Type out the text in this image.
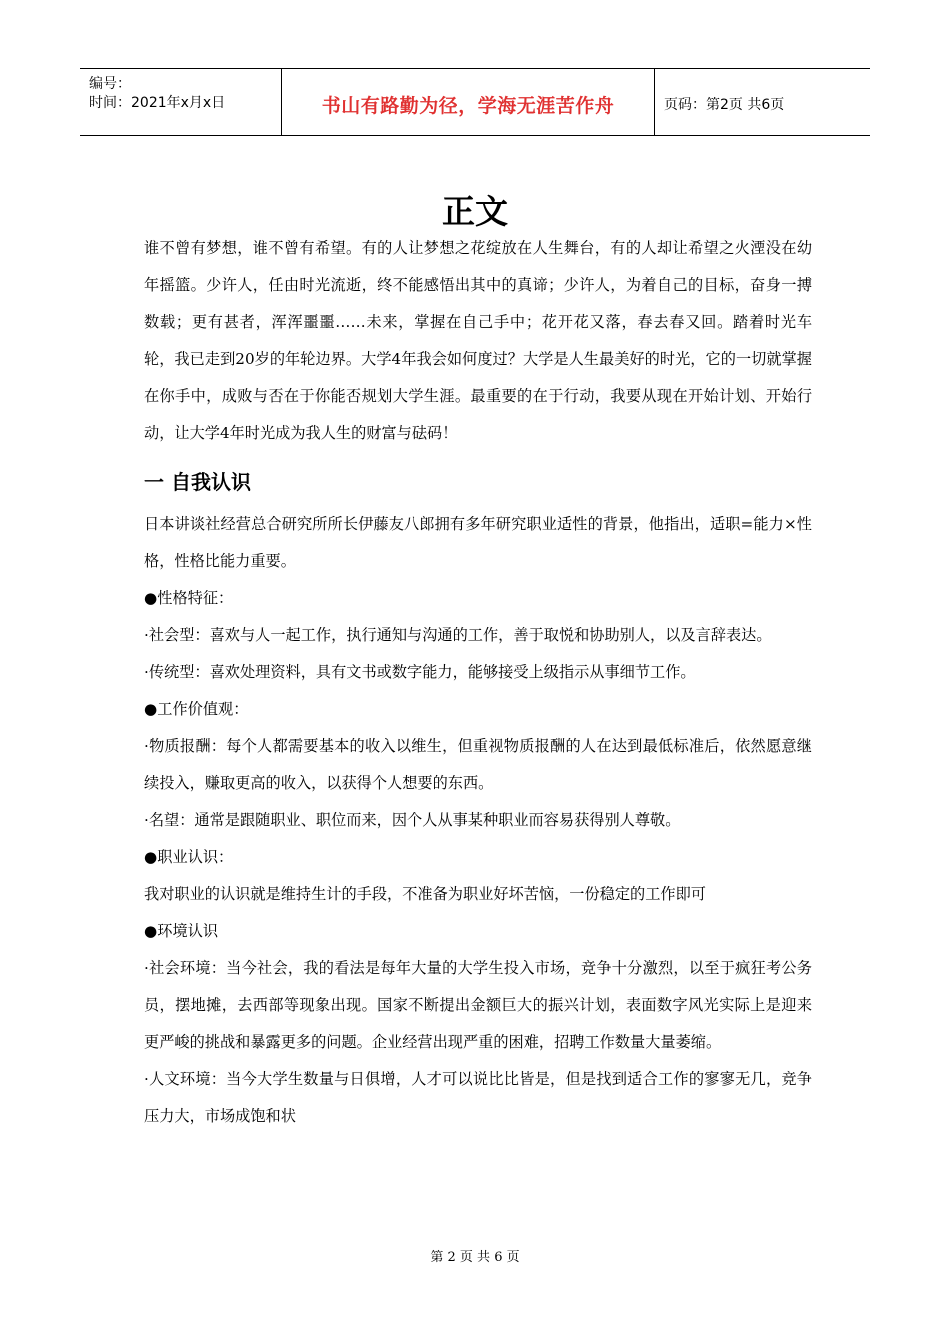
编号：
时间：2021年x月x日	书山有路勤为径，学海无涯苦作舟	页码：第2页 共6页
正文

谁不曾有梦想，谁不曾有希望。有的人让梦想之花绽放在人生舞台，有的人却让希望之火湮没在幼年摇篮。少许人，任由时光流逝，终不能感悟出其中的真谛；少许人，为着自己的目标，奋身一搏数载；更有甚者，浑浑噩噩……未来，掌握在自己手中；花开花又落，春去春又回。踏着时光车轮，我已走到20岁的年轮边界。大学4年我会如何度过？大学是人生最美好的时光，它的一切就掌握在你手中，成败与否在于你能否规划大学生涯。最重要的在于行动，我要从现在开始计划、开始行动，让大学4年时光成为我人生的财富与砝码！

一 自我认识

日本讲谈社经营总合研究所所长伊藤友八郎拥有多年研究职业适性的背景，他指出，适职=能力×性格，性格比能力重要。

●性格特征：

·社会型：喜欢与人一起工作，执行通知与沟通的工作，善于取悦和协助别人，以及言辞表达。

·传统型：喜欢处理资料，具有文书或数字能力，能够接受上级指示从事细节工作。

●工作价值观：

·物质报酬：每个人都需要基本的收入以维生，但重视物质报酬的人在达到最低标准后，依然愿意继续投入，赚取更高的收入，以获得个人想要的东西。

·名望：通常是跟随职业、职位而来，因个人从事某种职业而容易获得别人尊敬。

●职业认识：

我对职业的认识就是维持生计的手段，不准备为职业好坏苦恼，一份稳定的工作即可

●环境认识

·社会环境：当今社会，我的看法是每年大量的大学生投入市场，竞争十分激烈，以至于疯狂考公务员，摆地摊，去西部等现象出现。国家不断提出金额巨大的振兴计划，表面数字风光实际上是迎来更严峻的挑战和暴露更多的问题。企业经营出现严重的困难，招聘工作数量大量萎缩。

·人文环境：当今大学生数量与日俱增，人才可以说比比皆是，但是找到适合工作的寥寥无几，竞争压力大，市场成饱和状

第 2 页 共 6 页
